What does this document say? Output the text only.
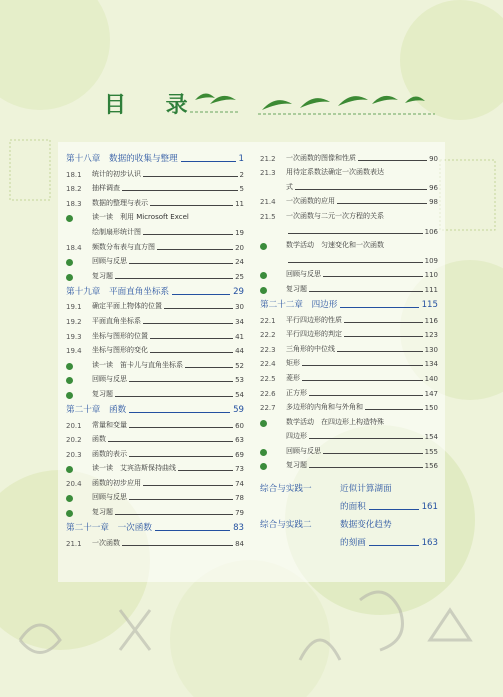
目 录
第十八章　数据的收集与整理	1
18.1	统计的初步认识	2
18.2	抽样调查	5
18.3	数据的整理与表示	11
读一读　利用 Microsoft Excel
绘制扇形统计图	19
18.4	频数分布表与直方图	20
回顾与反思	24
复习题	25
第十九章　平面直角坐标系	29
19.1	确定平面上物体的位置	30
19.2	平面直角坐标系	34
19.3	坐标与图形的位置	41
19.4	坐标与图形的变化	44
读一读　笛卡儿与直角坐标系	52
回顾与反思	53
复习题	54
第二十章　函数	59
20.1	常量和变量	60
20.2	函数	63
20.3	函数的表示	69
读一读　艾宾浩斯保持曲线	73
20.4	函数的初步应用	74
回顾与反思	78
复习题	79
第二十一章　一次函数	83
21.1	一次函数	84
21.2	一次函数的图像和性质	90
21.3	用待定系数法确定一次函数表达
式	96
21.4	一次函数的应用	98
21.5	一次函数与二元一次方程的关系
106
数学活动　匀速变化和一次函数
109
回顾与反思	110
复习题	111
第二十二章　四边形	115
22.1	平行四边形的性质	116
22.2	平行四边形的判定	123
22.3	三角形的中位线	130
22.4	矩形	134
22.5	菱形	140
22.6	正方形	147
22.7	多边形的内角和与外角和	150
数学活动　在四边形上构造特殊
四边形	154
回顾与反思	155
复习题	156
综合与实践一	近似计算湖面
的面积	161
综合与实践二	数据变化趋势
的刻画	163
